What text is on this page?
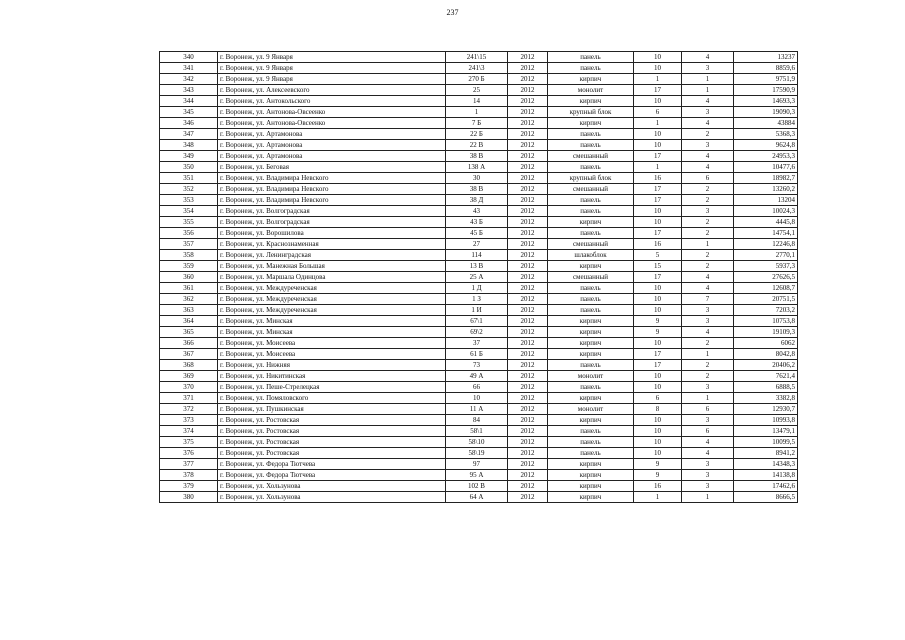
237
340	г. Воронеж, ул. 9 Января	241\15	2012	панель	10	4	13237
341	г. Воронеж, ул. 9 Января	241\3	2012	панель	10	3	8859,6
342	г. Воронеж, ул. 9 Января	270 Б	2012	кирпич	1	1	9751,9
343	г. Воронеж, ул. Алексеевского	25	2012	монолит	17	1	17590,9
344	г. Воронеж, ул. Антокольского	14	2012	кирпич	10	4	14693,3
345	г. Воронеж, ул. Антонова-Овсеенко	1	2012	крупный блок	6	3	19090,3
346	г. Воронеж, ул. Антонова-Овсеенко	7 Б	2012	кирпич	1	4	43884
347	г. Воронеж, ул. Артамонова	22 Б	2012	панель	10	2	5368,3
348	г. Воронеж, ул. Артамонова	22 В	2012	панель	10	3	9624,8
349	г. Воронеж, ул. Артамонова	38 В	2012	смешанный	17	4	24953,3
350	г. Воронеж, ул. Беговая	138 А	2012	панель	1	4	10477,6
351	г. Воронеж, ул. Владимира Невского	30	2012	крупный блок	16	6	18982,7
352	г. Воронеж, ул. Владимира Невского	38 В	2012	смешанный	17	2	13260,2
353	г. Воронеж, ул. Владимира Невского	38 Д	2012	панель	17	2	13204
354	г. Воронеж, ул. Волгоградская	43	2012	панель	10	3	10024,3
355	г. Воронеж, ул. Волгоградская	43 Б	2012	кирпич	10	2	4445,8
356	г. Воронеж, ул. Ворошилова	45 Б	2012	панель	17	2	14754,1
357	г. Воронеж, ул. Краснознаменная	27	2012	смешанный	16	1	12246,8
358	г. Воронеж, ул. Ленинградская	114	2012	шлакоблок	5	2	2770,1
359	г. Воронеж, ул. Манежная Большая	13 В	2012	кирпич	15	2	5937,3
360	г. Воронеж, ул. Маршала Одинцова	25 А	2012	смешанный	17	4	27626,5
361	г. Воронеж, ул. Междуреченская	1 Д	2012	панель	10	4	12608,7
362	г. Воронеж, ул. Междуреченская	1 З	2012	панель	10	7	20751,5
363	г. Воронеж, ул. Междуреченская	1 И	2012	панель	10	3	7203,2
364	г. Воронеж, ул. Минская	67\1	2012	кирпич	9	3	10753,8
365	г. Воронеж, ул. Минская	69\2	2012	кирпич	9	4	19109,3
366	г. Воронеж, ул. Моисеева	37	2012	кирпич	10	2	6062
367	г. Воронеж, ул. Моисеева	61 Б	2012	кирпич	17	1	8042,8
368	г. Воронеж, ул. Нижняя	73	2012	панель	17	2	20406,2
369	г. Воронеж, ул. Никитинская	49 А	2012	монолит	10	2	7621,4
370	г. Воронеж, ул. Пеше-Стрелецкая	66	2012	панель	10	3	6888,5
371	г. Воронеж, ул. Помяловского	10	2012	кирпич	6	1	3382,8
372	г. Воронеж, ул. Пушкинская	11 А	2012	монолит	8	6	12930,7
373	г. Воронеж, ул. Ростовская	84	2012	кирпич	10	3	10993,8
374	г. Воронеж, ул. Ростовская	58\1	2012	панель	10	6	13479,1
375	г. Воронеж, ул. Ростовская	58\10	2012	панель	10	4	10099,5
376	г. Воронеж, ул. Ростовская	58\19	2012	панель	10	4	8941,2
377	г. Воронеж, ул. Федора Тютчева	97	2012	кирпич	9	3	14348,3
378	г. Воронеж, ул. Федора Тютчева	95 А	2012	кирпич	9	3	14138,8
379	г. Воронеж, ул. Хользунова	102 В	2012	кирпич	16	3	17462,6
380	г. Воронеж, ул. Хользунова	64 А	2012	кирпич	1	1	8666,5
